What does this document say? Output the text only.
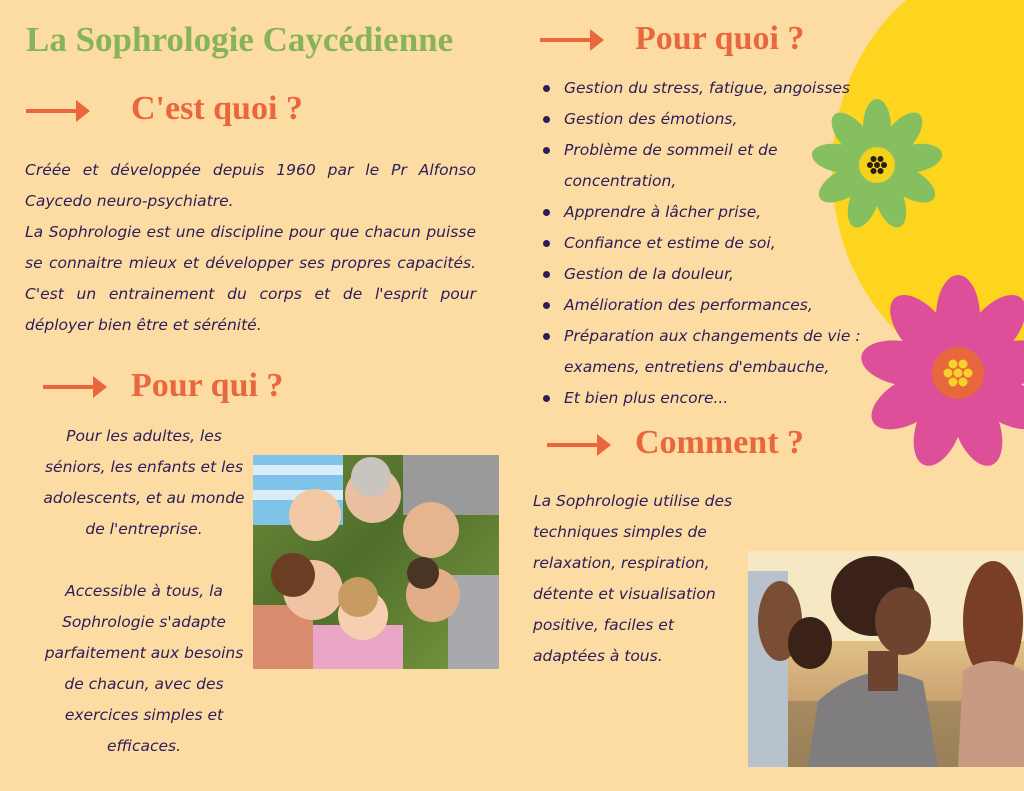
La Sophrologie Caycédienne
C'est quoi ?

Créée et développée depuis 1960 par le Pr Alfonso Caycedo neuro-psychiatre.

La Sophrologie est une discipline pour que chacun puisse se connaitre mieux et développer ses propres capacités. C'est un entrainement du corps et de l'esprit pour déployer bien être et sérénité.

Pour qui ?

Pour les adultes, les séniors, les enfants et les adolescents, et au monde de l'entreprise.

Accessible à tous, la Sophrologie s'adapte parfaitement aux besoins de chacun, avec des exercices simples et efficaces.

Pour quoi ?
Gestion du stress, fatigue, angoisses
Gestion des émotions,
Problème de sommeil et de concentration,
Apprendre à lâcher prise,
Confiance et estime de soi,
Gestion de la douleur,
Amélioration des performances,
Préparation aux changements de vie : examens, entretiens d'embauche,
Et bien plus encore...
Comment ?

La Sophrologie utilise des techniques simples de relaxation, respiration, détente et visualisation positive, faciles et adaptées à tous.
